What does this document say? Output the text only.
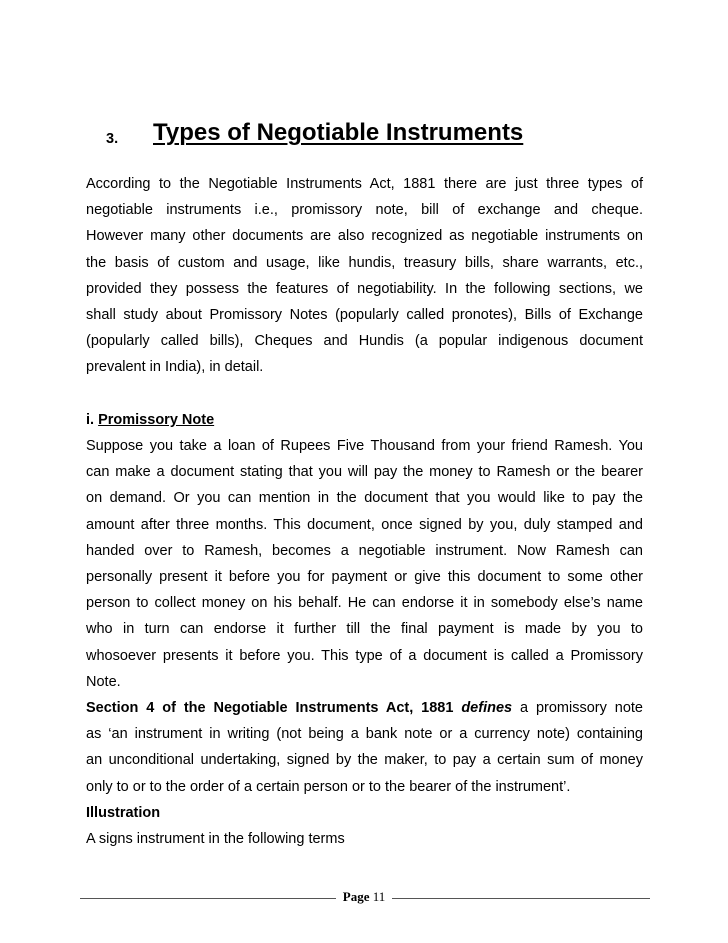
3. Types of Negotiable Instruments

According to the Negotiable Instruments Act, 1881 there are just three types of

negotiable instruments i.e., promissory note, bill of exchange and cheque.

However many other documents are also recognized as negotiable instruments on

the basis of custom and usage, like hundis, treasury bills, share warrants, etc.,

provided they possess the features of negotiability. In the following sections, we

shall study about Promissory Notes (popularly called pronotes), Bills of Exchange

(popularly called bills), Cheques and Hundis (a popular indigenous document

prevalent in India), in detail.

i. Promissory Note

Suppose you take a loan of Rupees Five Thousand from your friend Ramesh. You

can make a document stating that you will pay the money to Ramesh or the bearer

on demand. Or you can mention in the document that you would like to pay the

amount after three months. This document, once signed by you, duly stamped and

handed over to Ramesh, becomes a negotiable instrument. Now Ramesh can

personally present it before you for payment or give this document to some other

person to collect money on his behalf. He can endorse it in somebody else’s name

who in turn can endorse it further till the final payment is made by you to

whosoever presents it before you. This type of a document is called a Promissory

Note.

Section 4 of the Negotiable Instruments Act, 1881 defines a promissory note

as ‘an instrument in writing (not being a bank note or a currency note) containing

an unconditional undertaking, signed by the maker, to pay a certain sum of money

only to or to the order of a certain person or to the bearer of the instrument’.

Illustration

A signs instrument in the following terms

Page 11
